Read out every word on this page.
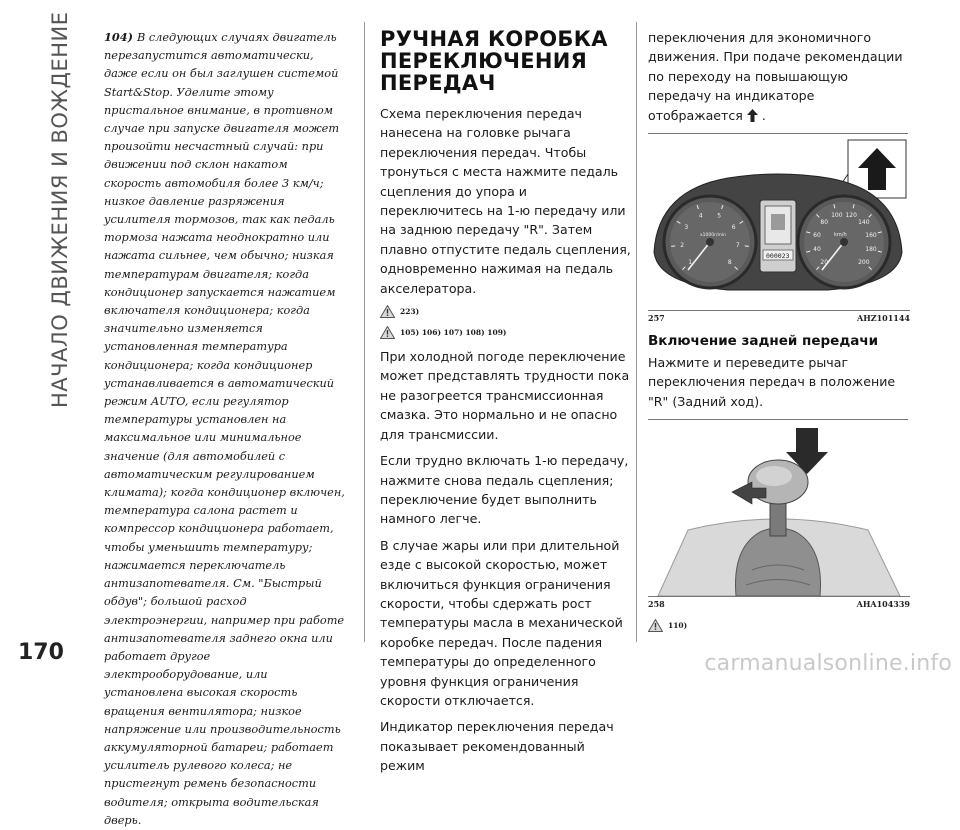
НАЧАЛО ДВИЖЕНИЯ И ВОЖДЕНИЕ
170
104) В следующих случаях двигатель перезапустится автоматически, даже если он был заглушен системой Start&Stop. Уделите этому пристальное внимание, в противном случае при запуске двигателя может произойти несчастный случай: при движении под склон накатом скорость автомобиля более 3 км/ч; низкое давление разряжения усилителя тормозов, так как педаль тормоза нажата неоднократно или нажата сильнее, чем обычно; низкая температурам двигателя; когда кондиционер запускается нажатием включателя кондиционера; когда значительно изменяется установленная температура кондиционера; когда кондиционер устанавливается в автоматический режим AUTO, если регулятор температуры установлен на максимальное или минимальное значение (для автомобилей с автоматическим регулированием климата); когда кондиционер включен, температура салона растет и компрессор кондиционера работает, чтобы уменьшить температуру; нажимается переключатель антизапотевателя. См. "Быстрый обдув"; большой расход электроэнергии, например при работе антизапотевателя заднего окна или работает другое электрооборудование, или установлена высокая скорость вращения вентилятора; низкое напряжение или производительность аккумуляторной батареи; работает усилитель рулевого колеса; не пристегнут ремень безопасности водителя; открыта водительская дверь.
РУЧНАЯ КОРОБКА ПЕРЕКЛЮЧЕНИЯ ПЕРЕДАЧ

Схема переключения передач нанесена на головке рычага переключения передач. Чтобы тронуться с места нажмите педаль сцепления до упора и переключитесь на 1-ю передачу или на заднюю передачу "R". Затем плавно отпустите педаль сцепления, одновременно нажимая на педаль акселератора.

223)
105) 106) 107) 108) 109)

При холодной погоде переключение может представлять трудности пока не разогреется трансмиссионная смазка. Это нормально и не опасно для трансмиссии.

Если трудно включать 1-ю передачу, нажмите снова педаль сцепления; переключение будет выполнить намного легче.

В случае жары или при длительной езде с высокой скоростью, может включиться функция ограничения скорости, чтобы сдержать рост температуры масла в механической коробке передач. После падения температуры до определенного уровня функция ограничения скорости отключается.

Индикатор переключения передач показывает рекомендованный режим

переключения для экономичного движения. При подаче рекомендации по переходу на повышающую передачу на индикаторе отображается  .

1
2
3
4 5
6
7
8
x1000r/min
20
40
60
80
100 120
140
160
180
200
km/h
000023
257	AHZ101144
Включение задней передачи

Нажмите и переведите рычаг переключения передач в положение "R" (Задний ход).

258	AHA104339
110)
carmanualsonline.info
